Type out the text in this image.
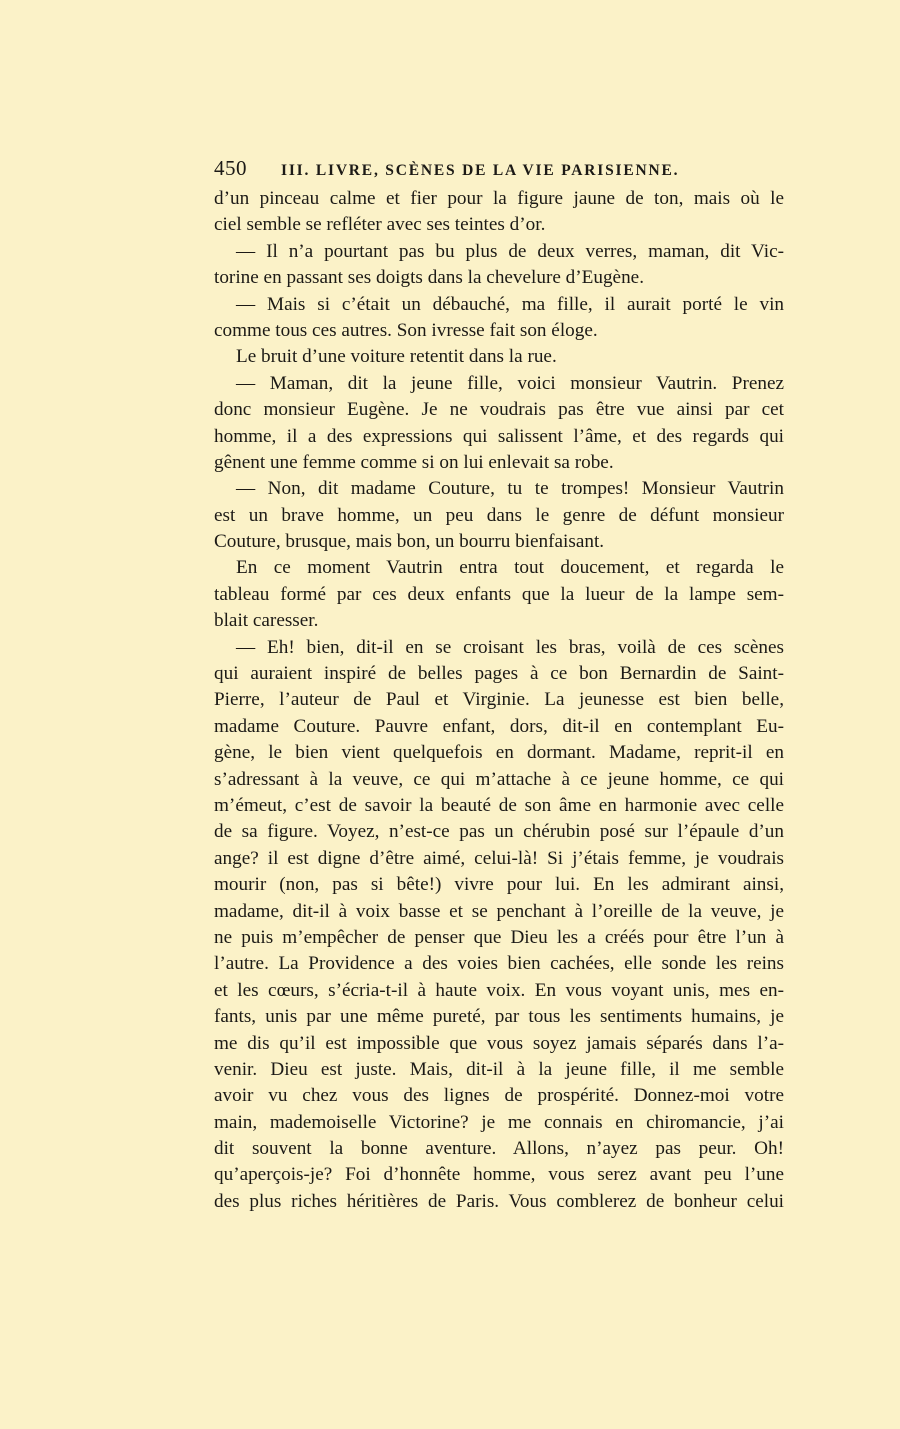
450 III. LIVRE, SCÈNES DE LA VIE PARISIENNE.
d’un pinceau calme et fier pour la figure jaune de ton, mais où le
ciel semble se refléter avec ses teintes d’or.
— Il n’a pourtant pas bu plus de deux verres, maman, dit Vic-
torine en passant ses doigts dans la chevelure d’Eugène.
— Mais si c’était un débauché, ma fille, il aurait porté le vin
comme tous ces autres. Son ivresse fait son éloge.
Le bruit d’une voiture retentit dans la rue.
— Maman, dit la jeune fille, voici monsieur Vautrin. Prenez
donc monsieur Eugène. Je ne voudrais pas être vue ainsi par cet
homme, il a des expressions qui salissent l’âme, et des regards qui
gênent une femme comme si on lui enlevait sa robe.
— Non, dit madame Couture, tu te trompes! Monsieur Vautrin
est un brave homme, un peu dans le genre de défunt monsieur
Couture, brusque, mais bon, un bourru bienfaisant.
En ce moment Vautrin entra tout doucement, et regarda le
tableau formé par ces deux enfants que la lueur de la lampe sem-
blait caresser.
— Eh! bien, dit-il en se croisant les bras, voilà de ces scènes
qui auraient inspiré de belles pages à ce bon Bernardin de Saint-
Pierre, l’auteur de Paul et Virginie. La jeunesse est bien belle,
madame Couture. Pauvre enfant, dors, dit-il en contemplant Eu-
gène, le bien vient quelquefois en dormant. Madame, reprit-il en
s’adressant à la veuve, ce qui m’attache à ce jeune homme, ce qui
m’émeut, c’est de savoir la beauté de son âme en harmonie avec celle
de sa figure. Voyez, n’est-ce pas un chérubin posé sur l’épaule d’un
ange? il est digne d’être aimé, celui-là! Si j’étais femme, je voudrais
mourir (non, pas si bête!) vivre pour lui. En les admirant ainsi,
madame, dit-il à voix basse et se penchant à l’oreille de la veuve, je
ne puis m’empêcher de penser que Dieu les a créés pour être l’un à
l’autre. La Providence a des voies bien cachées, elle sonde les reins
et les cœurs, s’écria-t-il à haute voix. En vous voyant unis, mes en-
fants, unis par une même pureté, par tous les sentiments humains, je
me dis qu’il est impossible que vous soyez jamais séparés dans l’a-
venir. Dieu est juste. Mais, dit-il à la jeune fille, il me semble
avoir vu chez vous des lignes de prospérité. Donnez-moi votre
main, mademoiselle Victorine? je me connais en chiromancie, j’ai
dit souvent la bonne aventure. Allons, n’ayez pas peur. Oh!
qu’aperçois-je? Foi d’honnête homme, vous serez avant peu l’une
des plus riches héritières de Paris. Vous comblerez de bonheur celui
